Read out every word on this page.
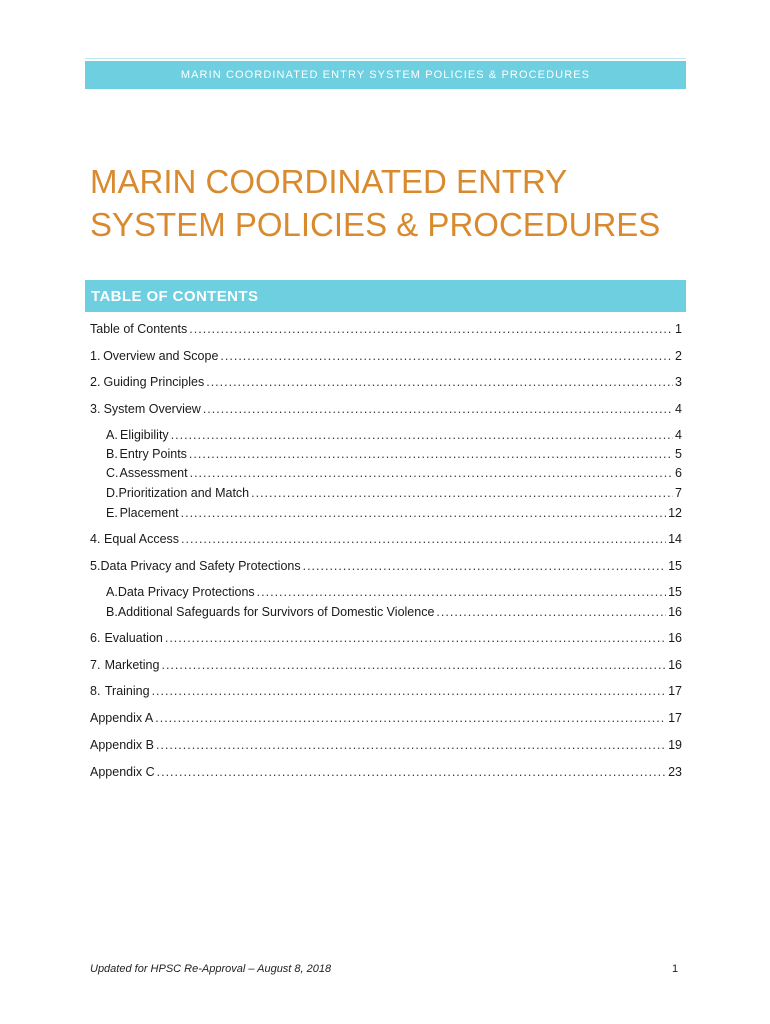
MARIN COORDINATED ENTRY SYSTEM POLICIES & PROCEDURES
MARIN COORDINATED ENTRY
SYSTEM POLICIES & PROCEDURES
TABLE OF CONTENTS
Table of Contents .....	1
1. Overview and Scope .....	2
2. Guiding Principles .....	3
3. System Overview .....	4
A. Eligibility .....	4
B. Entry Points .....	5
C. Assessment .....	6
D. Prioritization and Match .....	7
E. Placement .....	12
4. Equal Access .....	14
5. Data Privacy and Safety Protections .....	15
A. Data Privacy Protections .....	15
B. Additional Safeguards for Survivors of Domestic Violence .....	16
6. Evaluation .....	16
7. Marketing .....	16
8. Training .....	17
Appendix A .....	17
Appendix B .....	19
Appendix C .....	23
Updated for HPSC Re-Approval – August 8, 2018	1
